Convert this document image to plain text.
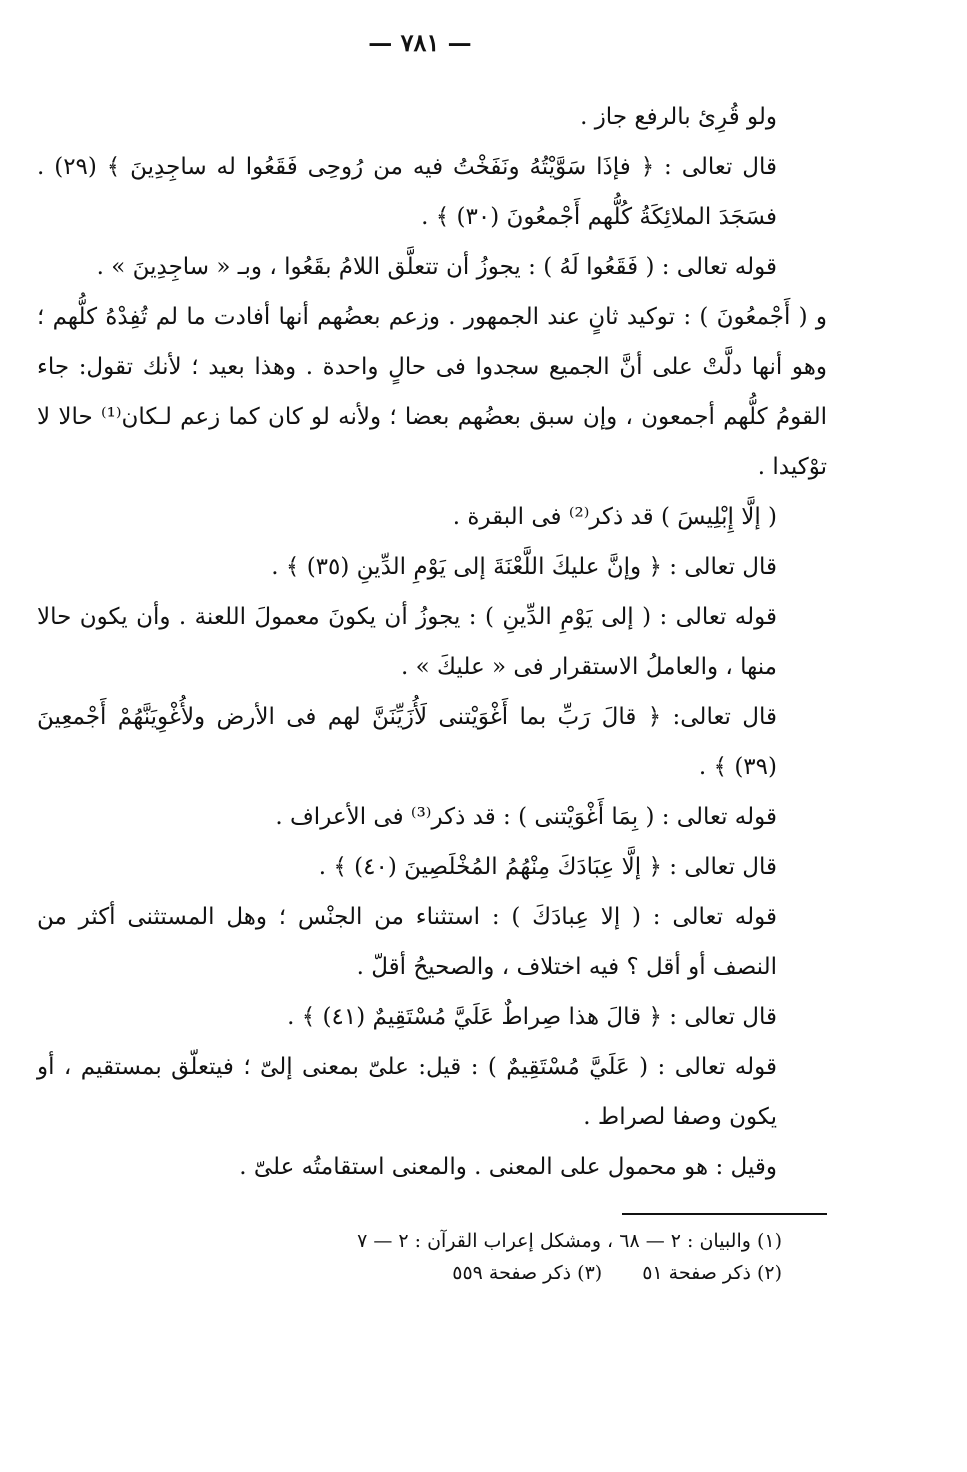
— ٧٨١ —

ولو قُرِئ بالرفع جاز .

قال تعالى : ﴿ فإذَا سَوَّيْتُهُ ونَفَخْتُ فيه من رُوحِى فَقَعُوا له ساجِدِينَ ﴾ (٢٩) . فسَجَدَ الملائِكَةُ كُلُّهم أَجْمعُونَ (٣٠) ﴾ .

قوله تعالى : ( فَقَعُوا لَهُ ) : يجوزُ أن تتعلَّق اللامُ بقَعُوا ، وبـ « ساجِدِينَ » .

و ( أَجْمعُونَ ) : توكيد ثانٍ عند الجمهور . وزعم بعضُهم أنها أفادت ما لم تُفِدْهُ كلُّهم ؛ وهو أنها دلَّتْ على أنَّ الجميع سجدوا فى حالٍ واحدة . وهذا بعيد ؛ لأنك تقول: جاء القومُ كلُّهم أجمعون ، وإن سبق بعضُهم بعضا ؛ ولأنه لو كان كما زعم لـكان⁽¹⁾ حالا لا توْكيدا .

( إلَّا إِبْلِيسَ ) قد ذكر⁽²⁾ فى البقرة .

قال تعالى : ﴿ وإنَّ عليكَ اللَّعْنَةَ إلى يَوْمِ الدِّينِ (٣٥) ﴾ .

قوله تعالى : ( إلى يَوْمِ الدِّينِ ) : يجوزُ أن يكونَ معمولَ اللعنة . وأن يكون حالا منها ، والعاملُ الاستقرار فى « عليكَ » .

قال تعالى: ﴿ قالَ رَبِّ بما أَغْوَيْتنى لَأُزَيِّنَنَّ لهم فى الأرض ولأُغْوِيَنَّهُمْ أَجْمعِينَ (٣٩) ﴾ .

قوله تعالى : ( بِمَا أَغْوَيْتنى ) : قد ذكر⁽³⁾ فى الأعراف .

قال تعالى : ﴿ إلَّا عِبَادَكَ مِنْهُمُ المُخْلَصِينَ (٤٠) ﴾ .

قوله تعالى : ( إلا عِبادَكَ ) : استثناء من الجنْس ؛ وهل المستثنى أكثر من النصف أو أقل ؟ فيه اختلاف ، والصحيحُ أقلّ .

قال تعالى : ﴿ قالَ هذا صِراطٌ عَلَيَّ مُسْتَقِيمٌ (٤١) ﴾ .

قوله تعالى : ( عَلَيَّ مُسْتَقِيمٌ ) : قيل: علىّ بمعنى إلىّ ؛ فيتعلّق بمستقيم ، أو يكون وصفا لصراط .

وقيل : هو محمول على المعنى . والمعنى استقامتُه علىّ .

(١) والبيان : ٢ — ٦٨ ، ومشكل إعراب القرآن : ٢ — ٧

(٢) ذكر صفحة ٥١(٣) ذكر صفحة ٥٥٩
